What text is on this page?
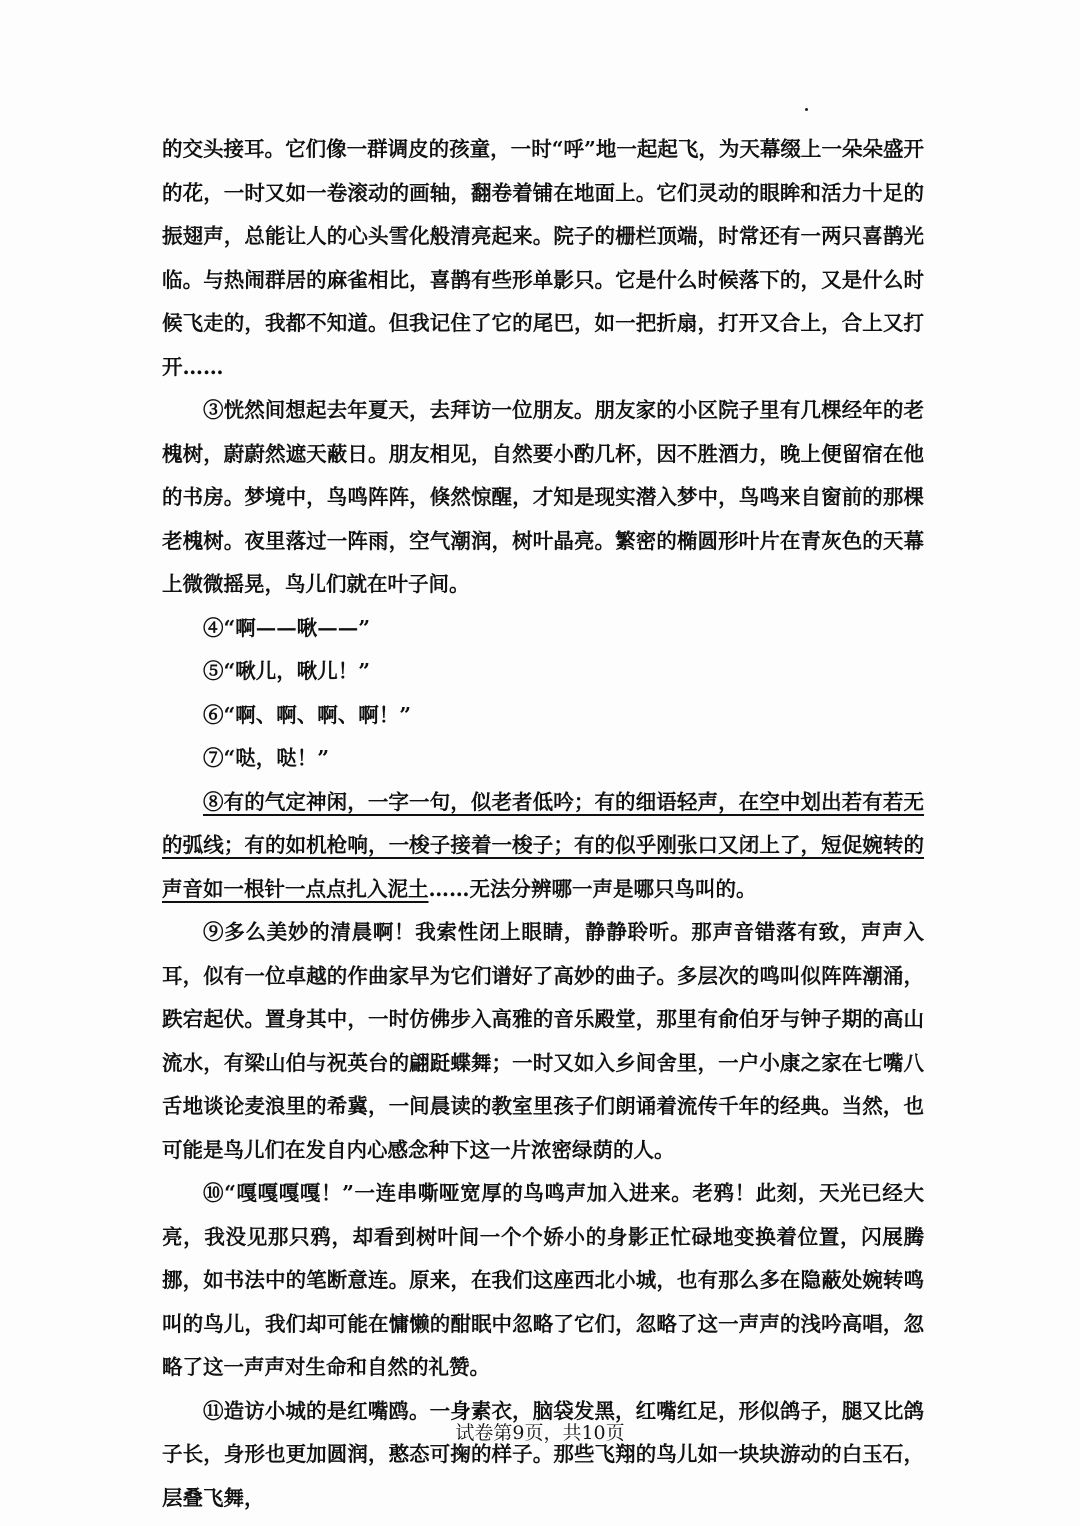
的交头接耳。它们像一群调皮的孩童，一时“呼”地一起起飞，为天幕缀上一朵朵盛开的花，一时又如一卷滚动的画轴，翻卷着铺在地面上。它们灵动的眼眸和活力十足的振翅声，总能让人的心头雪化般清亮起来。院子的栅栏顶端，时常还有一两只喜鹊光临。与热闹群居的麻雀相比，喜鹊有些形单影只。它是什么时候落下的，又是什么时候飞走的，我都不知道。但我记住了它的尾巴，如一把折扇，打开又合上，合上又打开……

③恍然间想起去年夏天，去拜访一位朋友。朋友家的小区院子里有几棵经年的老槐树，蔚蔚然遮天蔽日。朋友相见，自然要小酌几杯，因不胜酒力，晚上便留宿在他的书房。梦境中，鸟鸣阵阵，倏然惊醒，才知是现实潜入梦中，鸟鸣来自窗前的那棵老槐树。夜里落过一阵雨，空气潮润，树叶晶亮。繁密的椭圆形叶片在青灰色的天幕上微微摇晃，鸟儿们就在叶子间。

④“啊——啾——”

⑤“啾儿，啾儿！”

⑥“啊、啊、啊、啊！”

⑦“哒，哒！”

⑧有的气定神闲，一字一句，似老者低吟；有的细语轻声，在空中划出若有若无的弧线；有的如机枪响，一梭子接着一梭子；有的似乎刚张口又闭上了，短促婉转的声音如一根针一点点扎入泥土……无法分辨哪一声是哪只鸟叫的。

⑨多么美妙的清晨啊！我索性闭上眼睛，静静聆听。那声音错落有致，声声入耳，似有一位卓越的作曲家早为它们谱好了高妙的曲子。多层次的鸣叫似阵阵潮涌，跌宕起伏。置身其中，一时仿佛步入高雅的音乐殿堂，那里有俞伯牙与钟子期的高山流水，有梁山伯与祝英台的翩跹蝶舞；一时又如入乡间舍里，一户小康之家在七嘴八舌地谈论麦浪里的希冀，一间晨读的教室里孩子们朗诵着流传千年的经典。当然，也可能是鸟儿们在发自内心感念种下这一片浓密绿荫的人。

⑩“嘎嘎嘎嘎！”一连串嘶哑宽厚的鸟鸣声加入进来。老鸦！此刻，天光已经大亮，我没见那只鸦，却看到树叶间一个个娇小的身影正忙碌地变换着位置，闪展腾挪，如书法中的笔断意连。原来，在我们这座西北小城，也有那么多在隐蔽处婉转鸣叫的鸟儿，我们却可能在慵懒的酣眠中忽略了它们，忽略了这一声声的浅吟高唱，忽略了这一声声对生命和自然的礼赞。

⑪造访小城的是红嘴鸥。一身素衣，脑袋发黑，红嘴红足，形似鸽子，腿又比鸽子长，身形也更加圆润，憨态可掬的样子。那些飞翔的鸟儿如一块块游动的白玉石，层叠飞舞，

试卷第9页，共10页
